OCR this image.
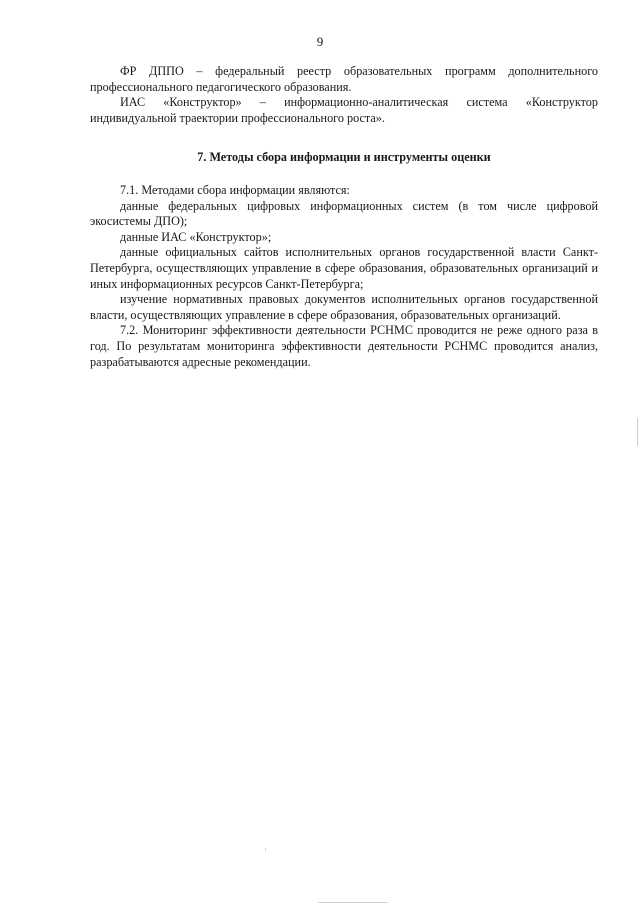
9

ФР ДППО – федеральный реестр образовательных программ дополнительного профессионального педагогического образования.

ИАС «Конструктор» – информационно-аналитическая система «Конструктор индивидуальной траектории профессионального роста».

7. Методы сбора информации и инструменты оценки

7.1. Методами сбора информации являются:

данные федеральных цифровых информационных систем (в том числе цифровой экосистемы ДПО);

данные ИАС «Конструктор»;

данные официальных сайтов исполнительных органов государственной власти Санкт-Петербурга, осуществляющих управление в сфере образования, образовательных организаций и иных информационных ресурсов Санкт-Петербурга;

изучение нормативных правовых документов исполнительных органов государственной власти, осуществляющих управление в сфере образования, образовательных организаций.

7.2. Мониторинг эффективности деятельности РСНМС проводится не реже одного раза в год. По результатам мониторинга эффективности деятельности РСНМС проводится анализ, разрабатываются адресные рекомендации.
